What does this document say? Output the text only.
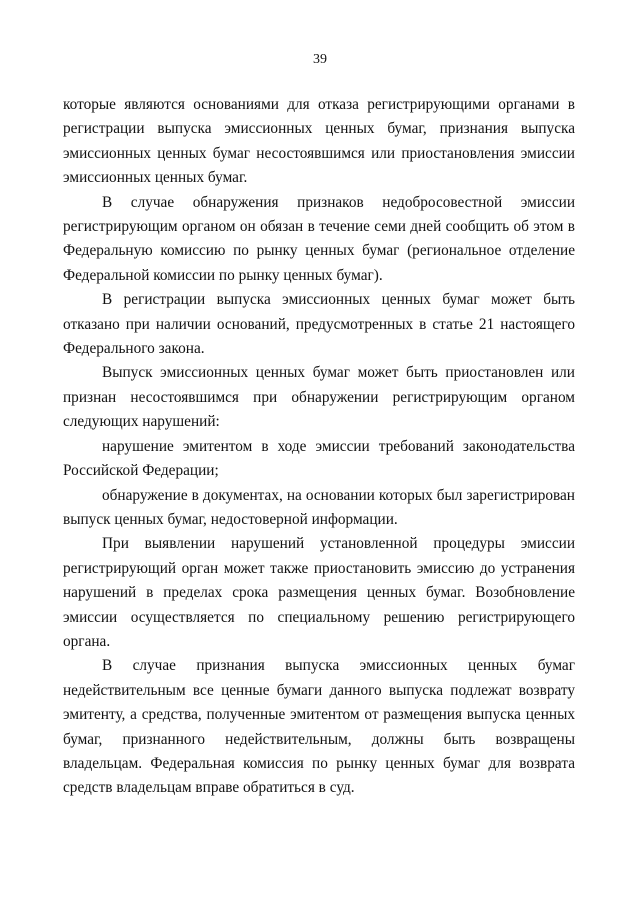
39

которые являются основаниями для отказа регистрирующими органами в регистрации выпуска эмиссионных ценных бумаг, признания выпуска эмиссионных ценных бумаг несостоявшимся или приостановления эмиссии эмиссионных ценных бумаг.

В случае обнаружения признаков недобросовестной эмиссии регистрирующим органом он обязан в течение семи дней сообщить об этом в Федеральную комиссию по рынку ценных бумаг (региональное отделение Федеральной комиссии по рынку ценных бумаг).

В регистрации выпуска эмиссионных ценных бумаг может быть отказано при наличии оснований, предусмотренных в статье 21 настоящего Федерального закона.

Выпуск эмиссионных ценных бумаг может быть приостановлен или признан несостоявшимся при обнаружении регистрирующим органом следующих нарушений:

нарушение эмитентом в ходе эмиссии требований законодательства Российской Федерации;

обнаружение в документах, на основании которых был зарегистрирован выпуск ценных бумаг, недостоверной информации.

При выявлении нарушений установленной процедуры эмиссии регистрирующий орган может также приостановить эмиссию до устранения нарушений в пределах срока размещения ценных бумаг. Возобновление эмиссии осуществляется по специальному решению регистрирующего органа.

В случае признания выпуска эмиссионных ценных бумаг недействительным все ценные бумаги данного выпуска подлежат возврату эмитенту, а средства, полученные эмитентом от размещения выпуска ценных бумаг, признанного недействительным, должны быть возвращены владельцам. Федеральная комиссия по рынку ценных бумаг для возврата средств владельцам вправе обратиться в суд.
